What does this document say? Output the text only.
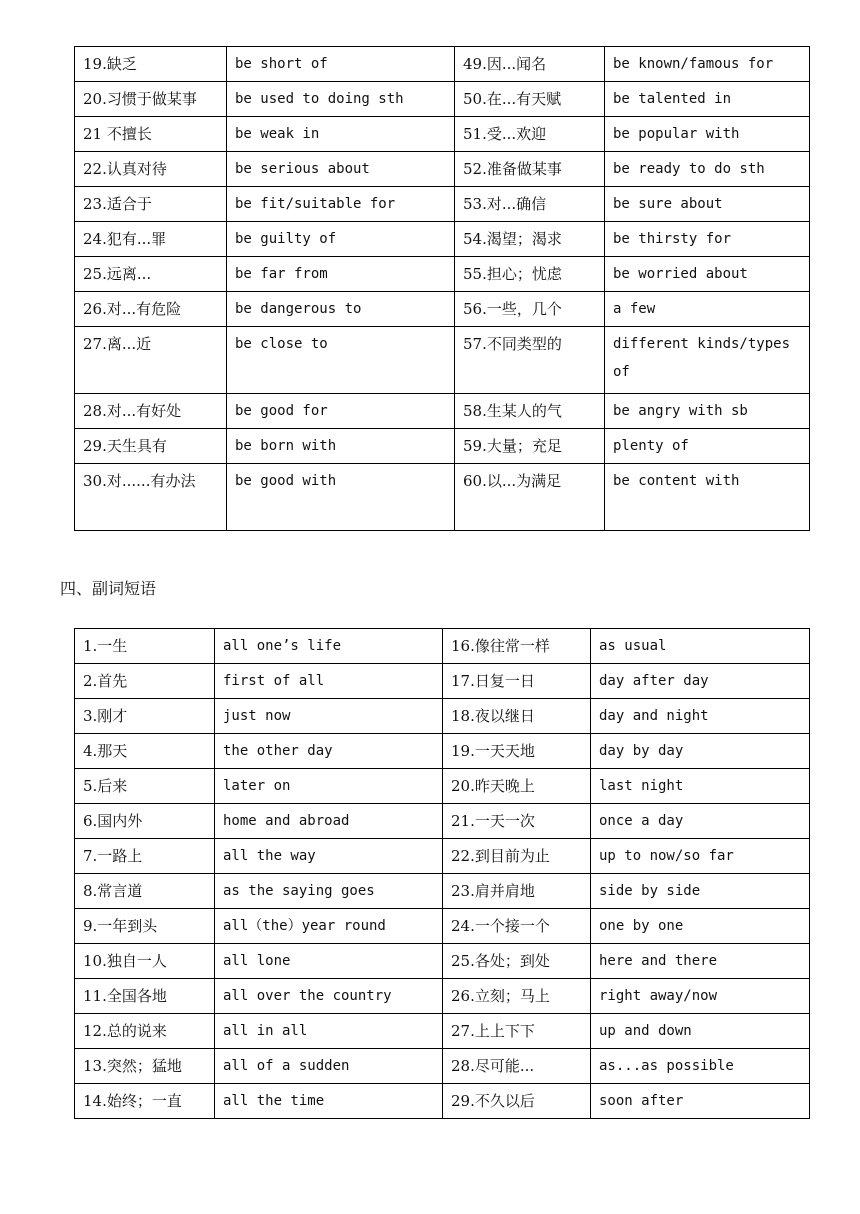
19.缺乏	be short of	49.因...闻名	be known/famous for
20.习惯于做某事	be used to doing sth	50.在...有天赋	be talented in
21 不擅长	be weak in	51.受...欢迎	be popular with
22.认真对待	be serious about	52.准备做某事	be ready to do sth
23.适合于	be fit/suitable for	53.对...确信	be sure about
24.犯有...罪	be guilty of	54.渴望；渴求	be thirsty for
25.远离...	be far from	55.担心；忧虑	be worried about
26.对...有危险	be dangerous to	56.一些，几个	a few
27.离...近	be close to	57.不同类型的	different kinds/types of
28.对...有好处	be good for	58.生某人的气	be angry with sb
29.天生具有	be born with	59.大量；充足	plenty of
30.对......有办法	be good with	60.以...为满足	be content with
四、副词短语
1.一生	all one’s life	16.像往常一样	as usual
2.首先	first of all	17.日复一日	day after day
3.刚才	just now	18.夜以继日	day and night
4.那天	the other day	19.一天天地	day by day
5.后来	later on	20.昨天晚上	last night
6.国内外	home and abroad	21.一天一次	once a day
7.一路上	all the way	22.到目前为止	up to now/so far
8.常言道	as the saying goes	23.肩并肩地	side by side
9.一年到头	all（the）year round	24.一个接一个	one by one
10.独自一人	all lone	25.各处；到处	here and there
11.全国各地	all over the country	26.立刻；马上	right away/now
12.总的说来	all in all	27.上上下下	up and down
13.突然；猛地	all of a sudden	28.尽可能...	as...as possible
14.始终；一直	all the time	29.不久以后	soon after
